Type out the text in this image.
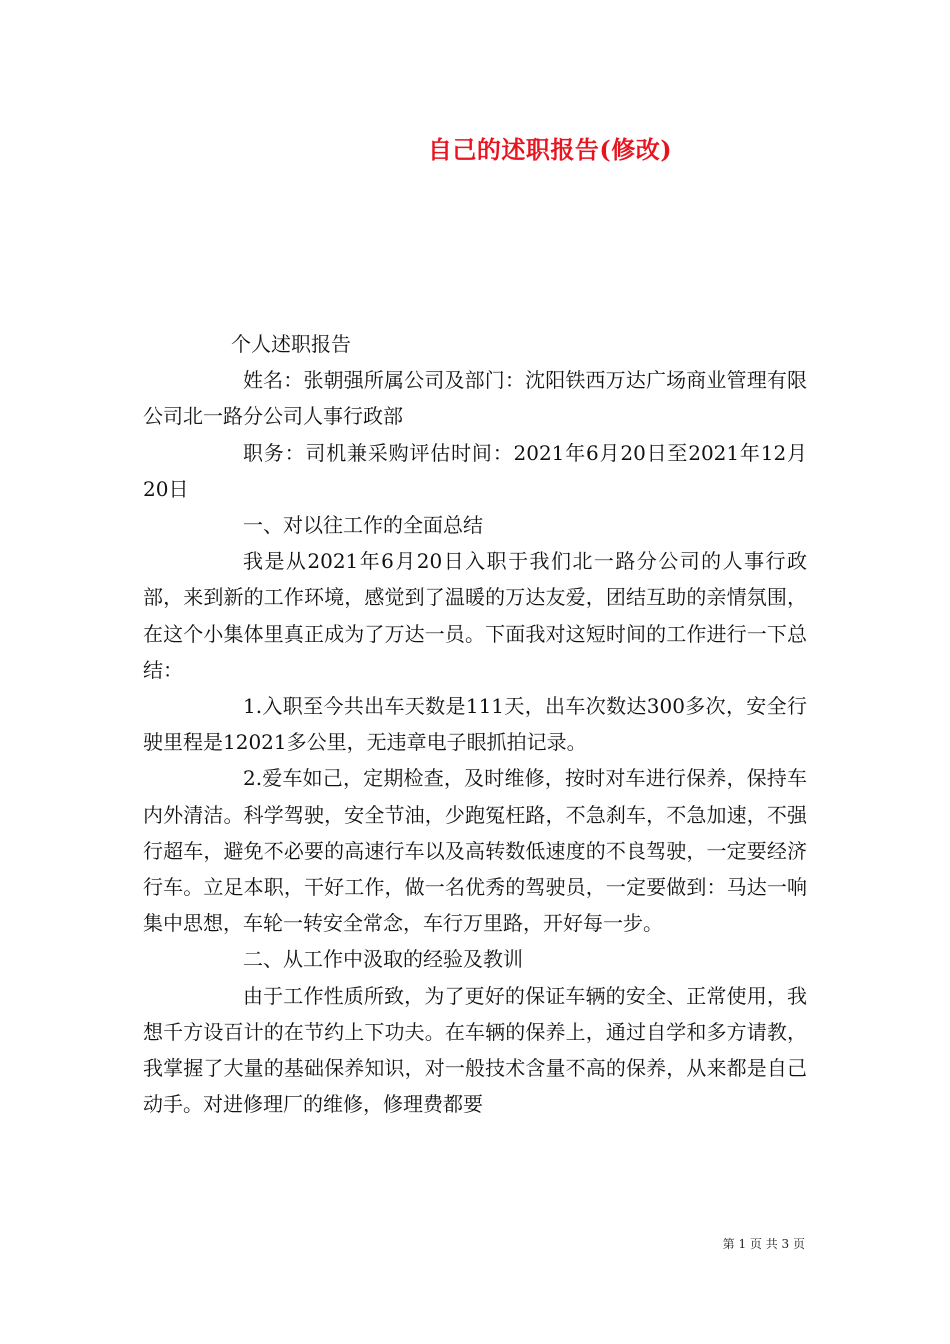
自己的述职报告(修改)

个人述职报告

姓名：张朝强所属公司及部门：沈阳铁西万达广场商业管理有限公司北一路分公司人事行政部

职务：司机兼采购评估时间：2021年6月20日至2021年12月20日

一、对以往工作的全面总结

我是从2021年6月20日入职于我们北一路分公司的人事行政部，来到新的工作环境，感觉到了温暖的万达友爱，团结互助的亲情氛围，在这个小集体里真正成为了万达一员。下面我对这短时间的工作进行一下总结：

1.入职至今共出车天数是111天，出车次数达300多次，安全行驶里程是12021多公里，无违章电子眼抓拍记录。

2.爱车如己，定期检查，及时维修，按时对车进行保养，保持车内外清洁。科学驾驶，安全节油，少跑冤枉路，不急刹车，不急加速，不强行超车，避免不必要的高速行车以及高转数低速度的不良驾驶，一定要经济行车。立足本职，干好工作，做一名优秀的驾驶员，一定要做到：马达一响集中思想，车轮一转安全常念，车行万里路，开好每一步。

二、从工作中汲取的经验及教训

由于工作性质所致，为了更好的保证车辆的安全、正常使用，我想千方设百计的在节约上下功夫。在车辆的保养上，通过自学和多方请教，我掌握了大量的基础保养知识，对一般技术含量不高的保养，从来都是自己动手。对进修理厂的维修，修理费都要

第 1 页 共 3 页
